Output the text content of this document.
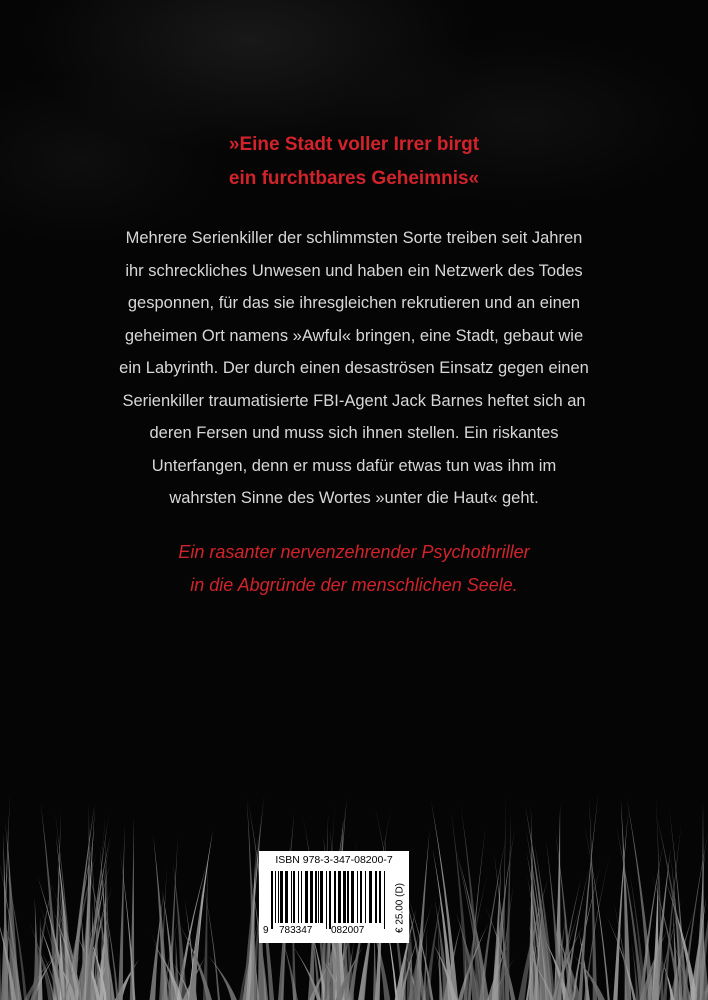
»Eine Stadt voller Irrer birgt
ein furchtbares Geheimnis«
Mehrere Serienkiller der schlimmsten Sorte treiben seit Jahren
ihr schreckliches Unwesen und haben ein Netzwerk des Todes
gesponnen, für das sie ihresgleichen rekrutieren und an einen
geheimen Ort namens »Awful« bringen, eine Stadt, gebaut wie
ein Labyrinth. Der durch einen desaströsen Einsatz gegen einen
Serienkiller traumatisierte FBI-Agent Jack Barnes heftet sich an
deren Fersen und muss sich ihnen stellen. Ein riskantes
Unterfangen, denn er muss dafür etwas tun was ihm im
wahrsten Sinne des Wortes »unter die Haut« geht.
Ein rasanter nervenzehrender Psychothriller
in die Abgründe der menschlichen Seele.
ISBN 978-3-347-08200-7
9 783347 082007	€ 25.00 (D)
